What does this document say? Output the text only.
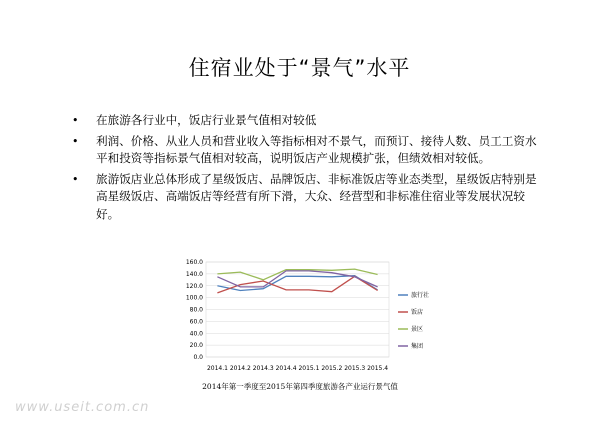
住宿业处于“景气”水平
• 在旅游各行业中，饭店行业景气值相对较低
• 利润、价格、从业人员和营业收入等指标相对不景气，而预订、接待人数、员工工资水平和投资等指标景气值相对较高，说明饭店产业规模扩张，但绩效相对较低。
• 旅游饭店业总体形成了星级饭店、品牌饭店、非标准饭店等业态类型，星级饭店特别是高星级饭店、高端饭店等经营有所下滑，大众、经营型和非标准住宿业等发展状况较好。
0.0
20.0
40.0
60.0
80.0
100.0
120.0
140.0
160.0
2014.1 2014.2 2014.3 2014.4 2015.1 2015.2 2015.3 2015.4
旅行社
饭店
景区
集团
2014年第一季度至2015年第四季度旅游各产业运行景气值
www.useit.com.cn
